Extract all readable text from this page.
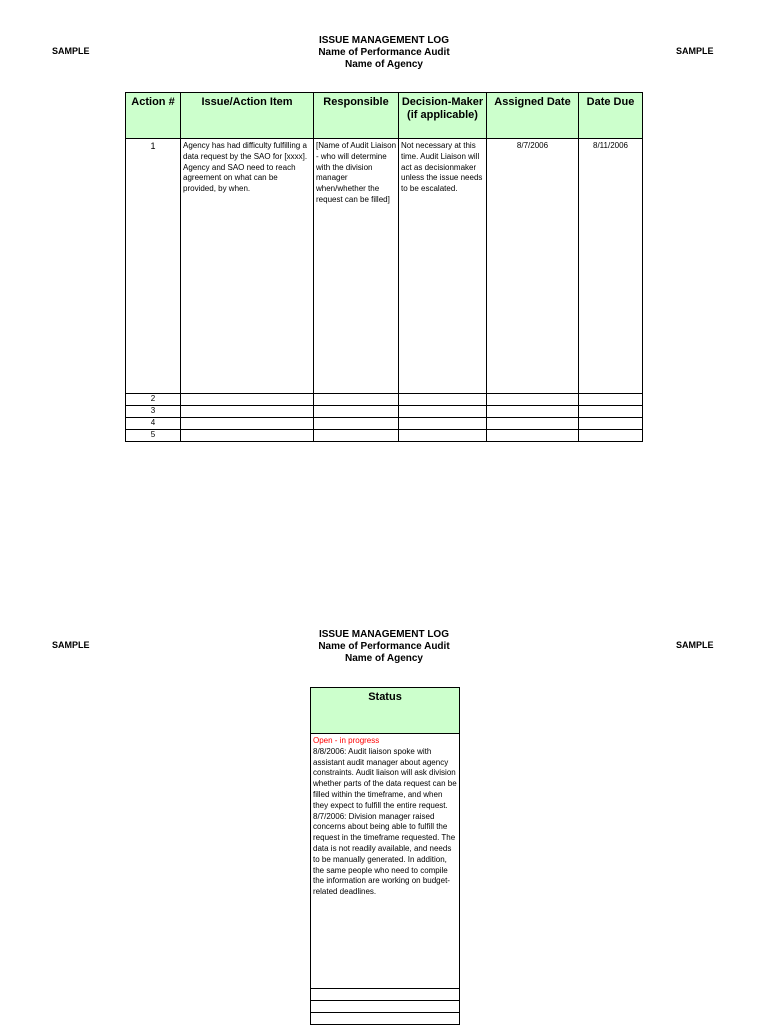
SAMPLE	SAMPLE
ISSUE MANAGEMENT LOG
Name of Performance Audit
Name of Agency
Action #	Issue/Action Item	Responsible	Decision-Maker (if applicable)	Assigned Date	Date Due
1	Agency has had difficulty fulfilling a data request by the SAO for [xxxx]. Agency and SAO need to reach agreement on what can be provided, by when.	[Name of Audit Liaison - who will determine with the division manager when/whether the request can be filled]	Not necessary at this time. Audit Liaison will act as decisionmaker unless the issue needs to be escalated.	8/7/2006	8/11/2006
2					
3					
4					
5					
SAMPLE	SAMPLE
ISSUE MANAGEMENT LOG
Name of Performance Audit
Name of Agency
Status

Open - in progress
8/8/2006: Audit liaison spoke with assistant audit manager about agency constraints. Audit liaison will ask division whether parts of the data request can be filled within the timeframe, and when they expect to fulfill the entire request.
8/7/2006: Division manager raised concerns about being able to fulfill the request in the timeframe requested. The data is not readily available, and needs to be manually generated. In addition, the same people who need to compile the information are working on budget-related deadlines.
